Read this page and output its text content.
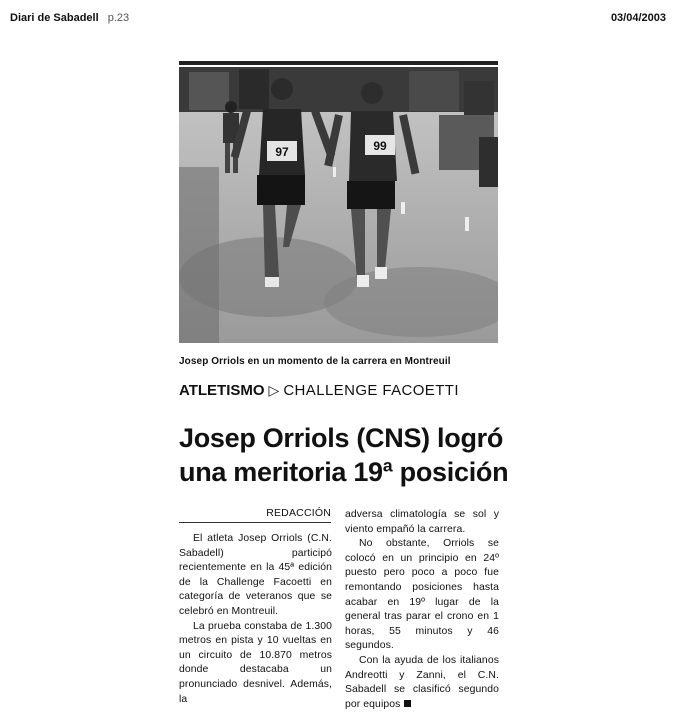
Diari de Sabadell p.23	03/04/2003
97	99
Josep Orriols en un momento de la carrera en Montreuil
ATLETISMO ▷ CHALLENGE FACOETTI
Josep Orriols (CNS) logró
una meritoria 19ª posición
REDACCIÓN

El atleta Josep Orriols (C.N. Sabadell) participó recientemente en la 45ª edición de la Challenge Facoetti en categoría de veteranos que se celebró en Montreuil.

La prueba constaba de 1.300 metros en pista y 10 vueltas en un circuito de 10.870 metros donde destacaba un pronunciado desnivel. Además, la

adversa climatología se sol y viento empañó la carrera.

No obstante, Orriols se colocó en un principio en 24º puesto pero poco a poco fue remontando posiciones hasta acabar en 19º lugar de la general tras parar el crono en 1 horas, 55 minutos y 46 segundos.

Con la ayuda de los italianos Andreotti y Zanni, el C.N. Sabadell se clasificó segundo por equipos
